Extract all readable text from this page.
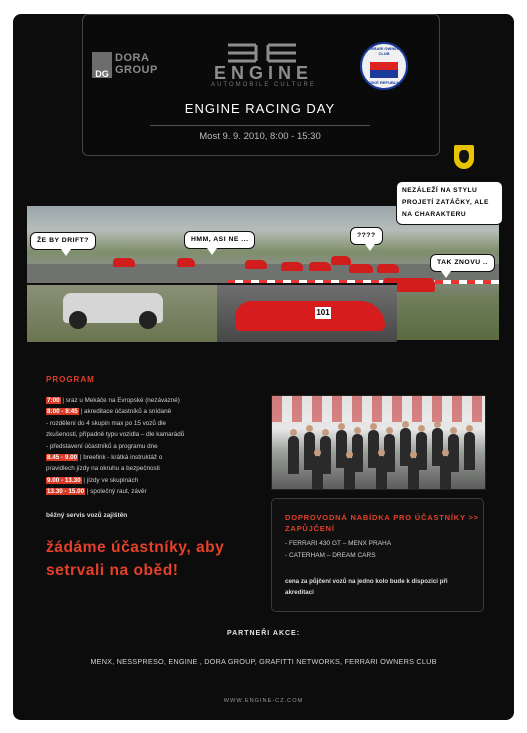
DG
DORA
GROUP	ENGINE
AUTOMOBILE CULTURE
FERRARI OWNERS CLUB
ČESKÉ REPUBLIKY
ENGINE RACING DAY
Most 9. 9. 2010, 8:00 - 15:30
101
ŽE BY DRIFT?	HMM, ASI NE ...
????
NEZÁLEŽÍ NA STYLU PROJETÍ ZATÁČKY, ALE NA CHARAKTERU
TAK ZNOVU ..
PROGRAM
7:00 | sraz u Mekáče na Evropské (nezávazné)
8:00 - 8:45 | akreditace účastníků a snídaně
- rozdělení do 4 skupin max po 15 vozů dle
zkušenosti, případně typu vozidla – dle kamarádů
- představení účastníků a programu dne
8.45 - 9.00 | breefink - krátká instruktáž o
pravidlech jízdy na okruhu a bezpečnosti
9.00 - 13.30 | jízdy ve skupinách
13.30 - 15.00 | společný raut, závěr
běžný servis vozů zajištěn
žádáme účastníky, aby setrvali na oběd!
DOPROVODNÁ NABÍDKA PRO ÚČASTNÍKY >> ZAPŮJČENÍ
- FERRARI 430 GT – MENX PRAHA
- CATERHAM – DREAM CARS
cena za půjčení vozů na jedno kolo bude k dispozici při akreditaci
PARTNEŘI AKCE:
MENX, NESSPRESO, ENGINE , DORA GROUP, GRAFITTI NETWORKS, FERRARI OWNERS CLUB
WWW.ENGINE-CZ.COM
